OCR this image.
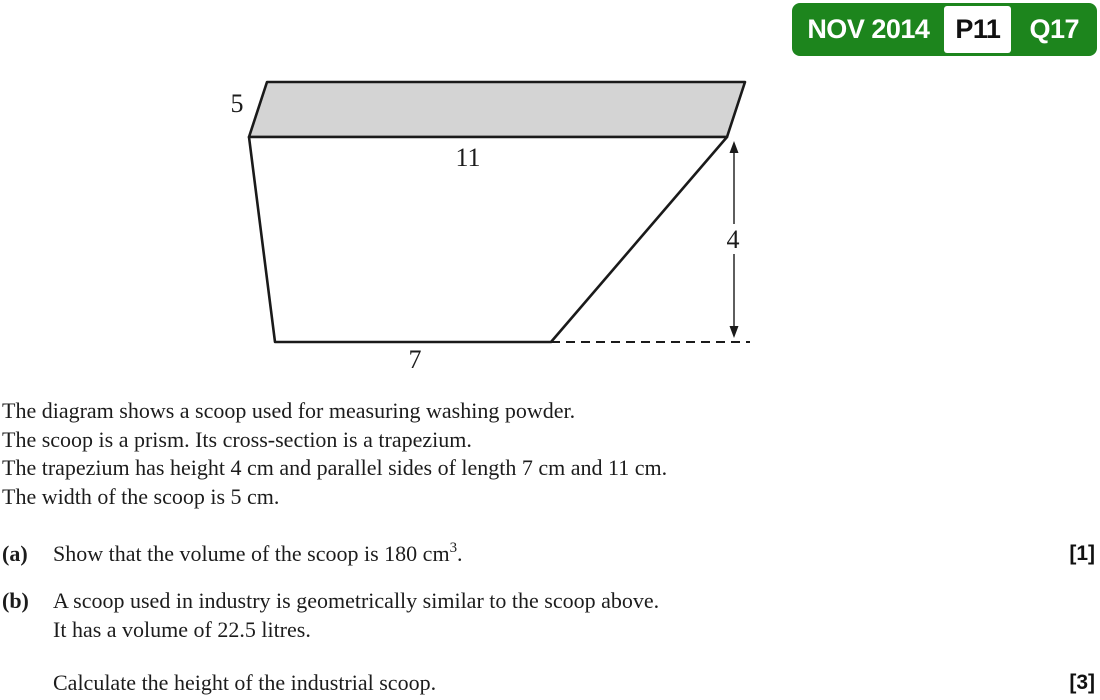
NOV 2014 P11	Q17
5
11
4
7
The diagram shows a scoop used for measuring washing powder.
The scoop is a prism. Its cross-section is a trapezium.
The trapezium has height 4 cm and parallel sides of length 7 cm and 11 cm.
The width of the scoop is 5 cm.
(a)	Show that the volume of the scoop is 180 $cm^3$.	[1]
(b)	A scoop used in industry is geometrically similar to the scoop above.
It has a volume of 22.5 litres.
Calculate the height of the industrial scoop.	[3]
